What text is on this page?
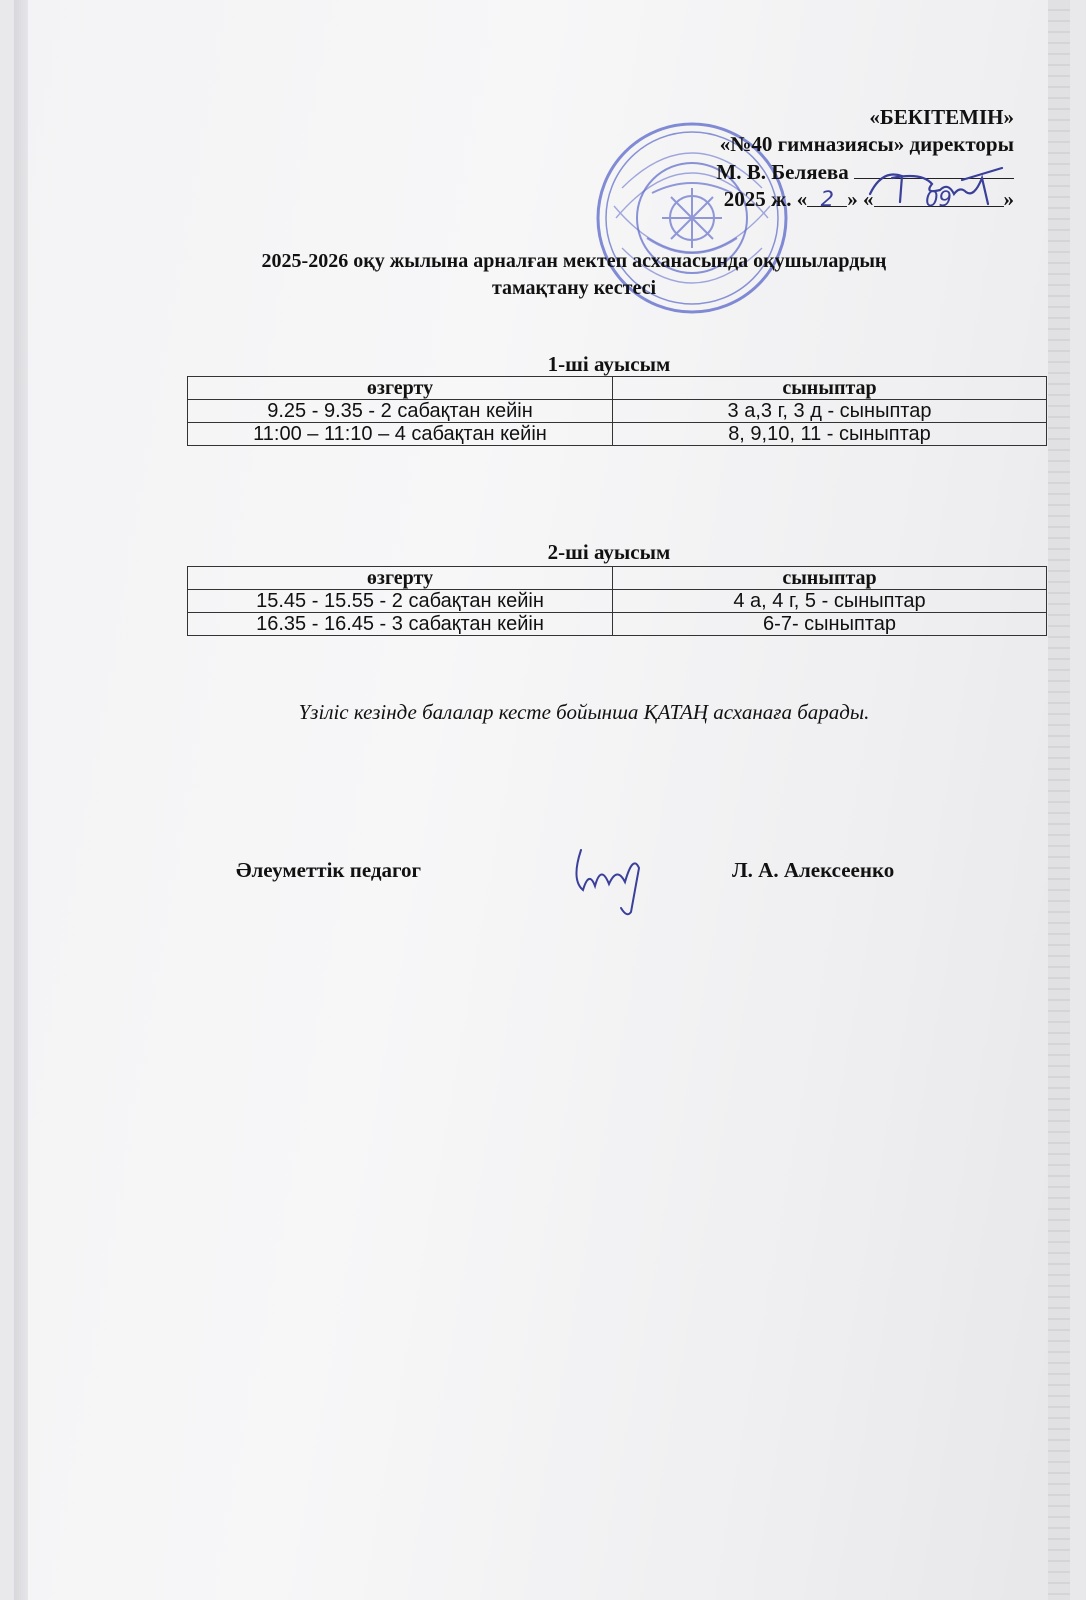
«БЕКІТЕМІН»
«№40 гимназиясы» директоры
М. В. Беляева
2025 ж. « 2 » « 09 »
2025-2026 оқу жылына арналған мектеп асханасында оқушылардың
тамақтану кестесі
1-ші ауысым
өзгерту	сыныптар
9.25 - 9.35 - 2 сабақтан кейін	3 а,3 г, 3 д - сыныптар
11:00 – 11:10 – 4 сабақтан кейін	8, 9,10, 11 - сыныптар
2-ші ауысым
өзгерту	сыныптар
15.45 - 15.55 - 2 сабақтан кейін	4 а, 4 г, 5 - сыныптар
16.35 - 16.45 - 3 сабақтан кейін	6-7- сыныптар
Үзіліс кезінде балалар кесте бойынша ҚАТАҢ асханаға барады.
Әлеуметтік педагог	Л. А. Алексеенко
